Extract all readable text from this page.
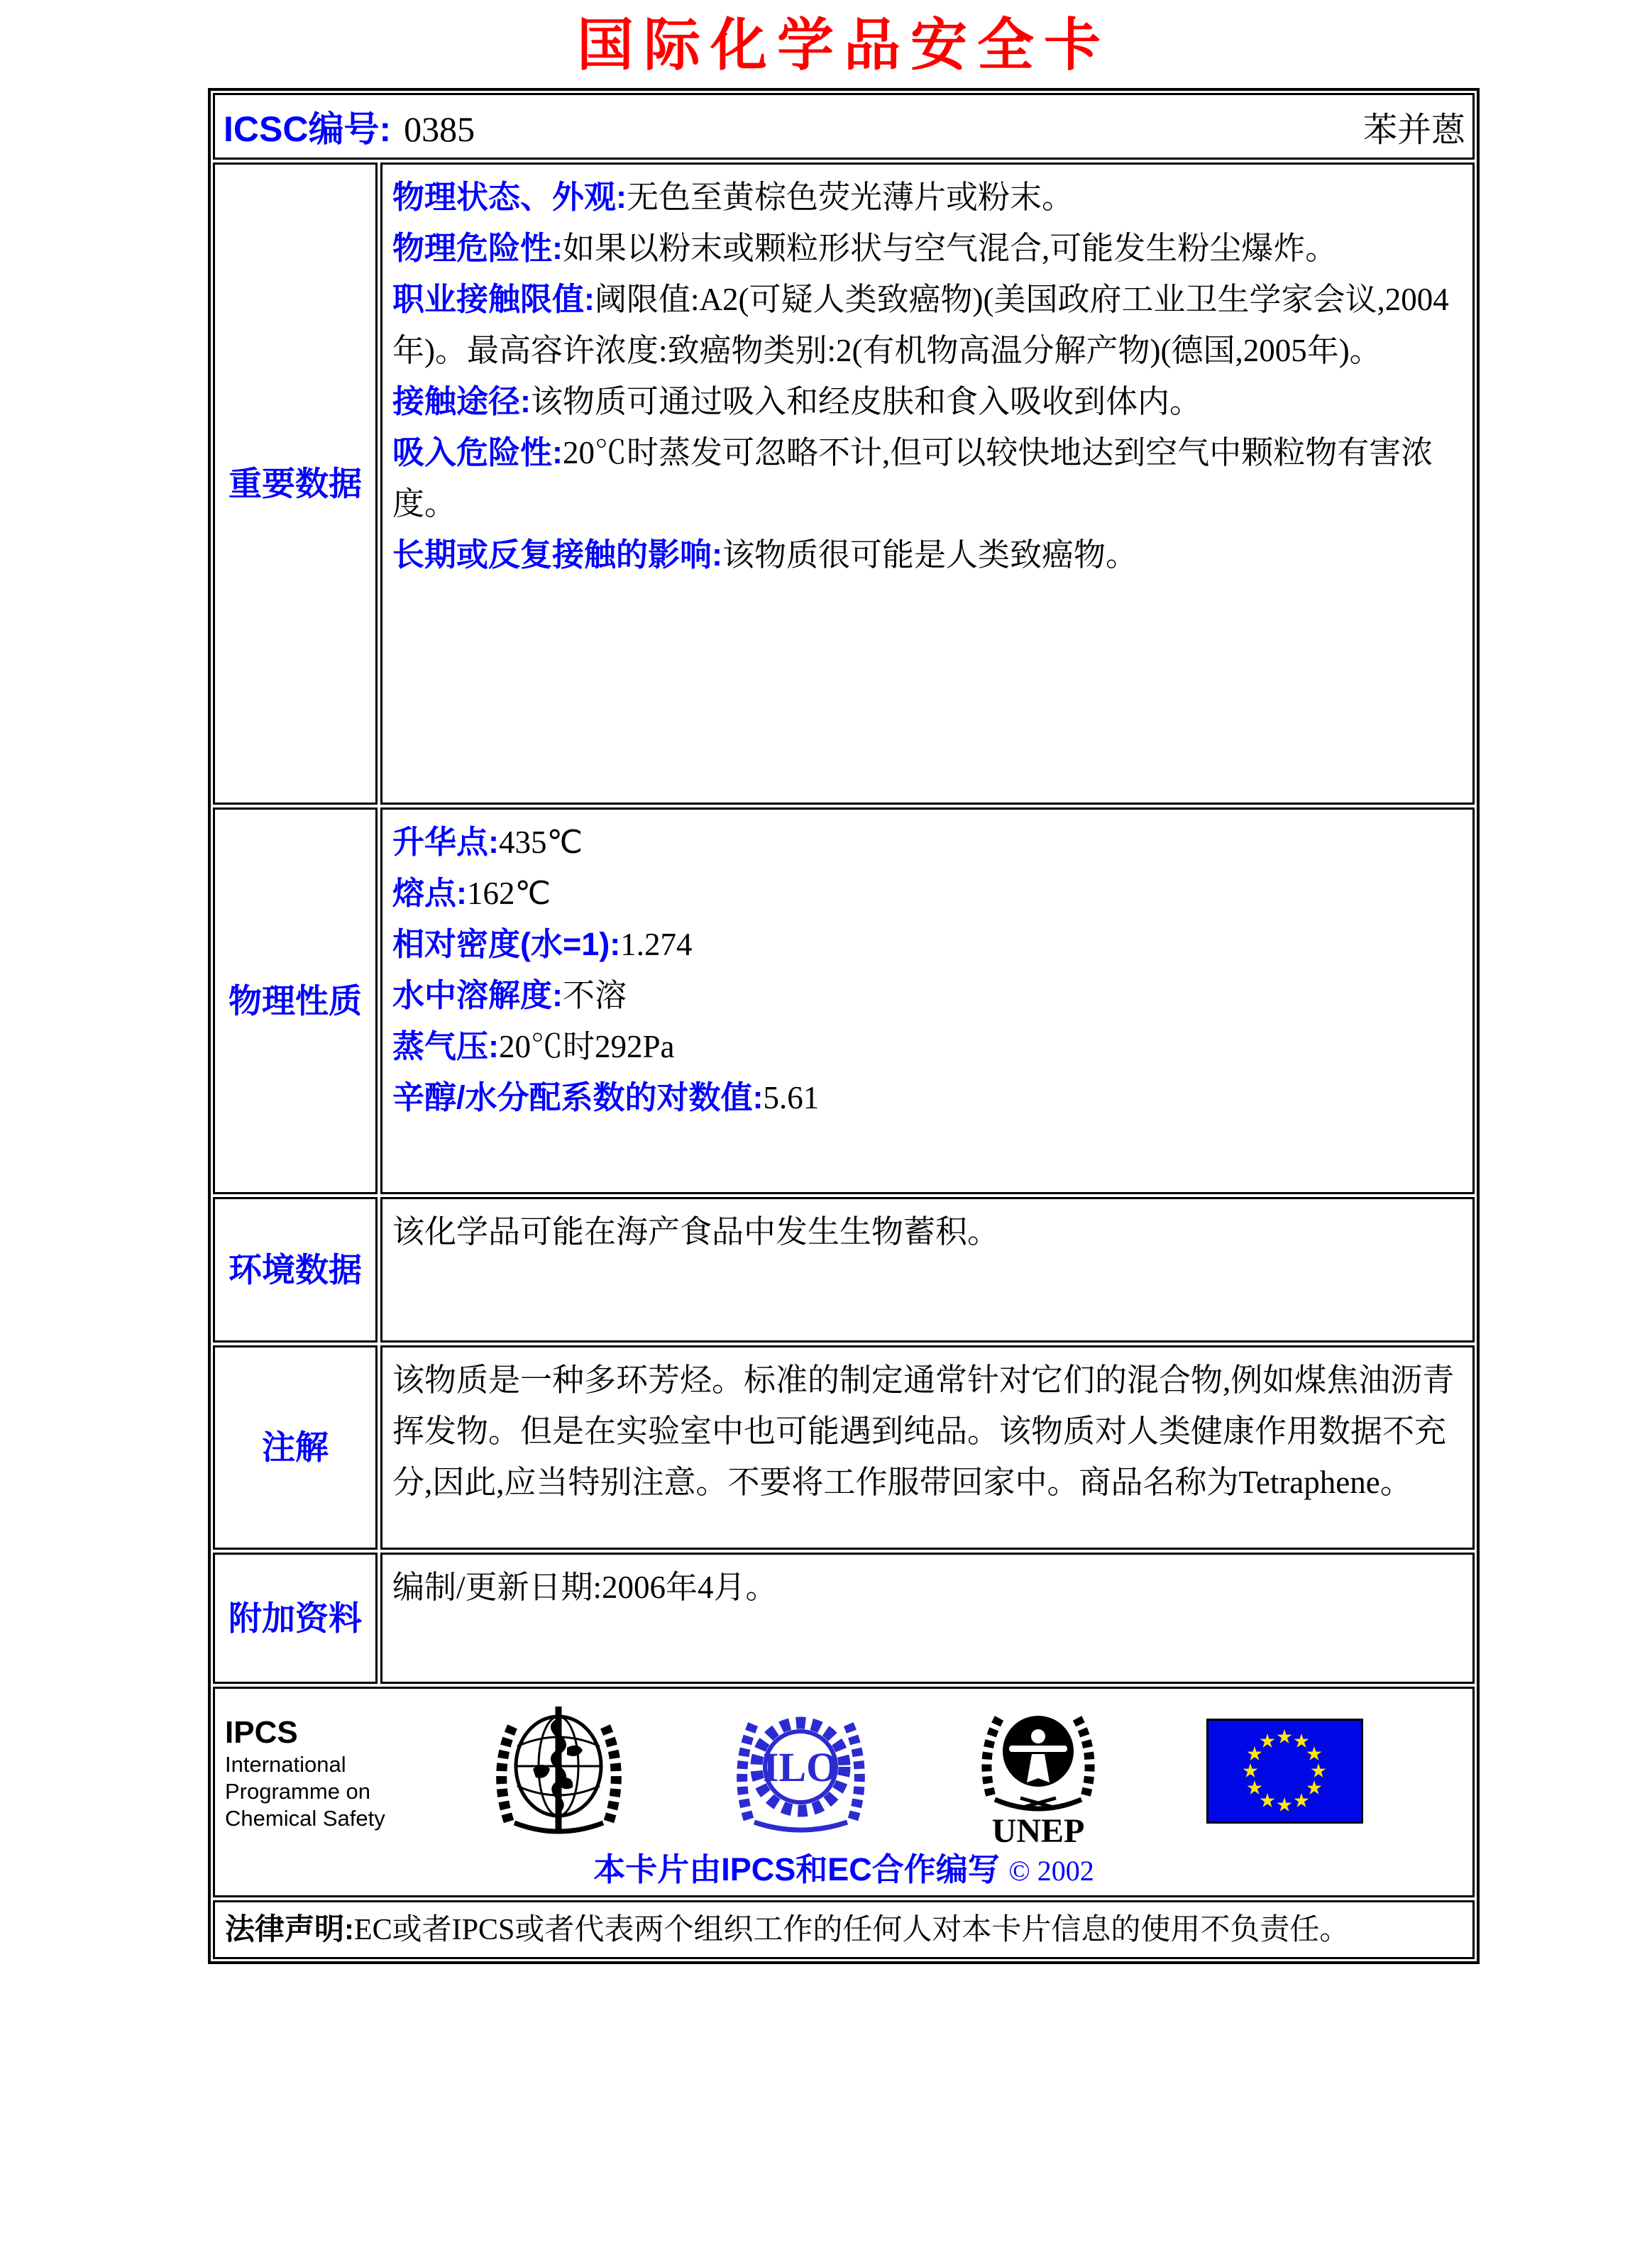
国际化学品安全卡
ICSC编号: 0385	苯并蒽
重要数据
物理状态、外观:无色至黄棕色荧光薄片或粉末。
物理危险性:如果以粉末或颗粒形状与空气混合,可能发生粉尘爆炸。
职业接触限值:阈限值:A2(可疑人类致癌物)(美国政府工业卫生学家会议,2004年)。最高容许浓度:致癌物类别:2(有机物高温分解产物)(德国,2005年)。
接触途径:该物质可通过吸入和经皮肤和食入吸收到体内。
吸入危险性:20℃时蒸发可忽略不计,但可以较快地达到空气中颗粒物有害浓度。
长期或反复接触的影响:该物质很可能是人类致癌物。
物理性质
升华点:435℃
熔点:162℃
相对密度(水=1):1.274
水中溶解度:不溶
蒸气压:20℃时292Pa
辛醇/水分配系数的对数值:5.61
环境数据
该化学品可能在海产食品中发生生物蓄积。
注解
该物质是一种多环芳烃。标准的制定通常针对它们的混合物,例如煤焦油沥青挥发物。但是在实验室中也可能遇到纯品。该物质对人类健康作用数据不充分,因此,应当特别注意。不要将工作服带回家中。商品名称为Tetraphene。
附加资料
编制/更新日期:2006年4月。
IPCS
International
Programme on
Chemical Safety
ILO
UNEP
本卡片由IPCS和EC合作编写 © 2002
法律声明:EC或者IPCS或者代表两个组织工作的任何人对本卡片信息的使用不负责任。
